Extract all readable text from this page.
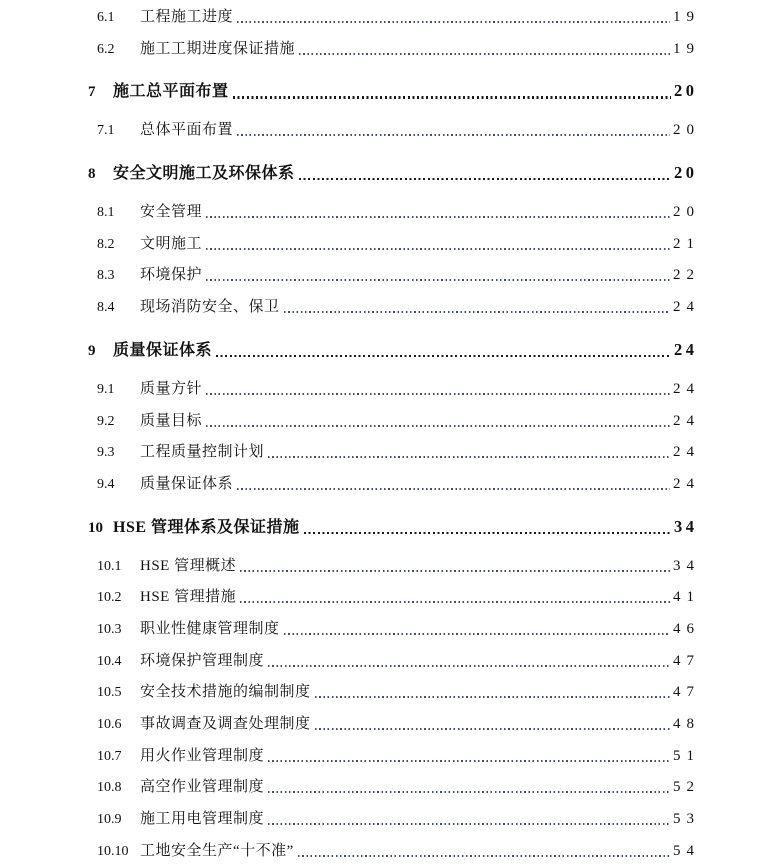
6.1	工程施工进度	19
6.2	施工工期进度保证措施	19
7	施工总平面布置	20
7.1	总体平面布置	20
8	安全文明施工及环保体系	20
8.1	安全管理	20
8.2	文明施工	21
8.3	环境保护	22
8.4	现场消防安全、保卫	24
9	质量保证体系	24
9.1	质量方针	24
9.2	质量目标	24
9.3	工程质量控制计划	24
9.4	质量保证体系	24
10 HSE 管理体系及保证措施	34
10.1	HSE 管理概述	34
10.2	HSE 管理措施	41
10.3	职业性健康管理制度	46
10.4	环境保护管理制度	47
10.5	安全技术措施的编制制度	47
10.6	事故调查及调查处理制度	48
10.7	用火作业管理制度	51
10.8	高空作业管理制度	52
10.9	施工用电管理制度	53
10.10 工地安全生产“十不准”	54
